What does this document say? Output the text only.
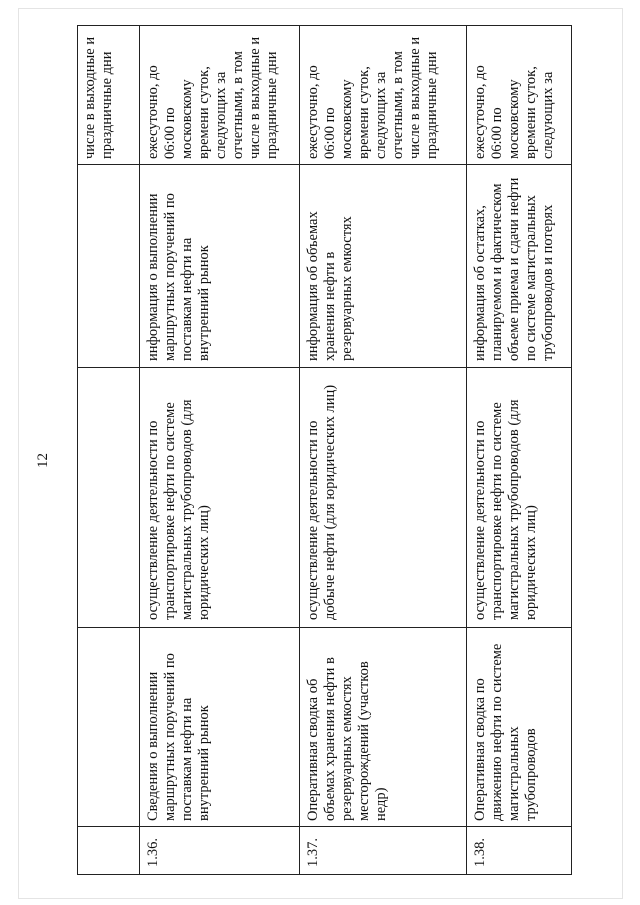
12
числе в выходные и праздничные дни
1.36.
Сведения о выполнении маршрутных поручений по поставкам нефти на внутренний рынок
осуществление деятельности по транспортировке нефти по системе магистральных трубопроводов (для юридических лиц)
информация о выполнении маршрутных поручений по поставкам нефти на внутренний рынок
ежесуточно, до 06:00 по московскому времени суток, следующих за отчетными, в том числе в выходные и праздничные дни
1.37.
Оперативная сводка об объемах хранения нефти в резервуарных емкостях месторождений (участков недр)
осуществление деятельности по добыче нефти (для юридических лиц)
информация об объемах хранения нефти в резервуарных емкостях
ежесуточно, до 06:00 по московскому времени суток, следующих за отчетными, в том числе в выходные и праздничные дни
1.38.
Оперативная сводка по движению нефти по системе магистральных трубопроводов
осуществление деятельности по транспортировке нефти по системе магистральных трубопроводов (для юридических лиц)
информация об остатках, планируемом и фактическом объеме приема и сдачи нефти по системе магистральных трубопроводов и потерях
ежесуточно, до 06:00 по московскому времени суток, следующих за
